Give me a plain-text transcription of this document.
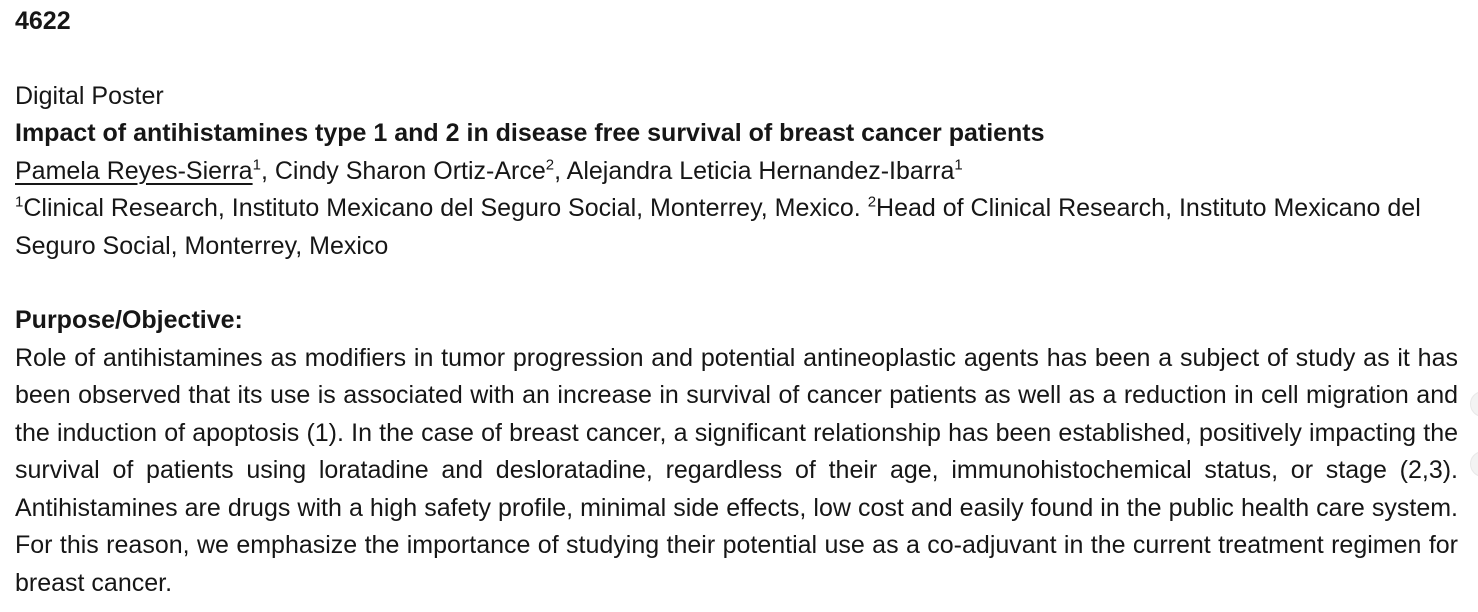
4622
Digital Poster
Impact of antihistamines type 1 and 2 in disease free survival of breast cancer patients
Pamela Reyes-Sierra$^1$, Cindy Sharon Ortiz-Arce$^2$, Alejandra Leticia Hernandez-Ibarra$^1$
$^1$Clinical Research, Instituto Mexicano del Seguro Social, Monterrey, Mexico. $^2$Head of Clinical Research, Instituto Mexicano del Seguro Social, Monterrey, Mexico
Purpose/Objective:
Role of antihistamines as modifiers in tumor progression and potential antineoplastic agents has been a subject of study as it has been observed that its use is associated with an increase in survival of cancer patients as well as a reduction in cell migration and the induction of apoptosis (1). In the case of breast cancer, a significant relationship has been established, positively impacting the survival of patients using loratadine and desloratadine, regardless of their age, immunohistochemical status, or stage (2,3). Antihistamines are drugs with a high safety profile, minimal side effects, low cost and easily found in the public health care system. For this reason, we emphasize the importance of studying their potential use as a co-adjuvant in the current treatment regimen for breast cancer.
